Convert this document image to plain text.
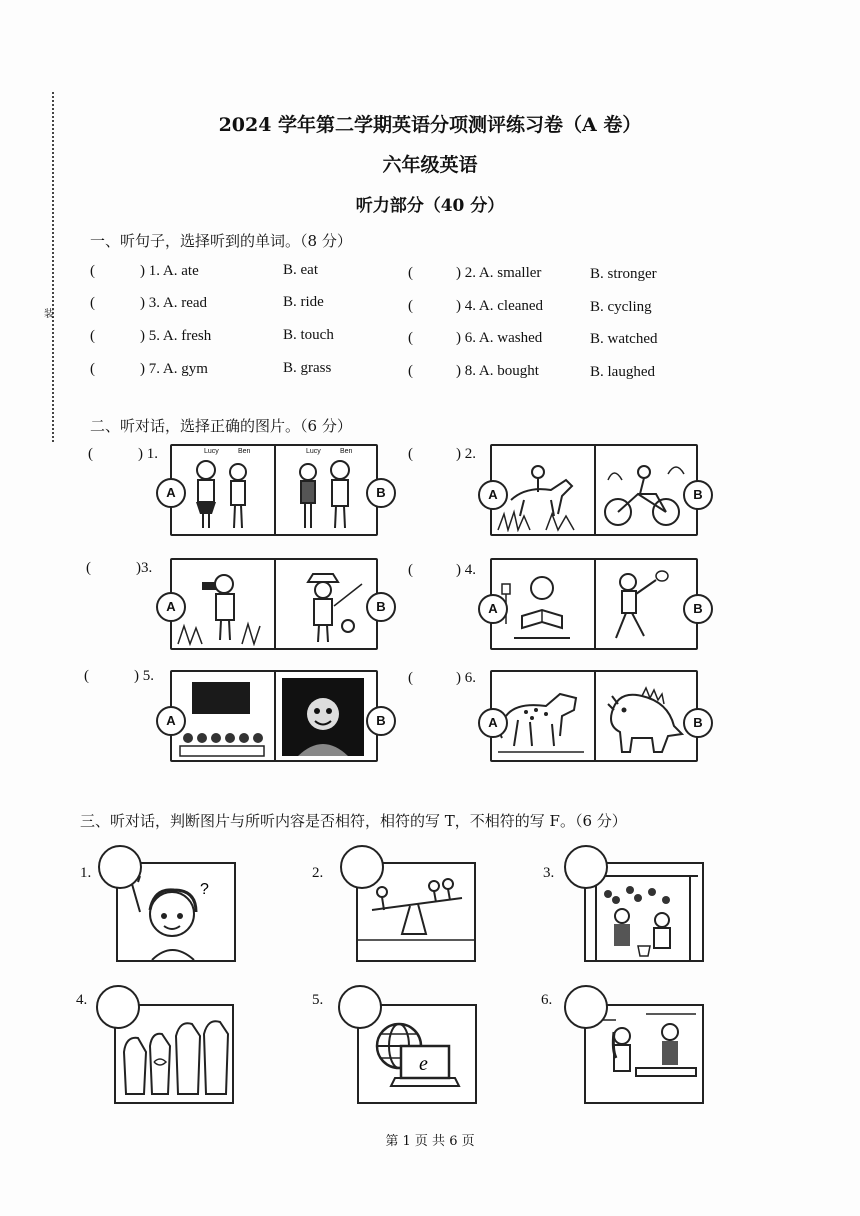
装
2024 学年第二学期英语分项测评练习卷（A 卷）
六年级英语
听力部分（40 分）
一、听句子，选择听到的单词。（8 分）
(	) 1. A. ate	B. eat	(	) 2. A. smaller	B. stronger
(	) 3. A. read	B. ride	(	) 4. A. cleaned	B. cycling
(	) 5. A. fresh	B. touch	(	) 6. A. washed	B. watched
(	) 7. A. gym	B. grass	(	) 8. A. bought	B. laughed
二、听对话，选择正确的图片。（6 分）
(	) 1.	Lucy	Ben	Lucy	Ben
A	B
(	) 2.
A	B
(	)3.
A	B
(	) 4.
A	B
(	) 5.
A	B
(	) 6.
A	B
三、听对话，判断图片与所听内容是否相符，相符的写 T，不相符的写 F。（6 分）
1.
?
2.	3.
4.	5.
e
6.
第 1 页 共 6 页
